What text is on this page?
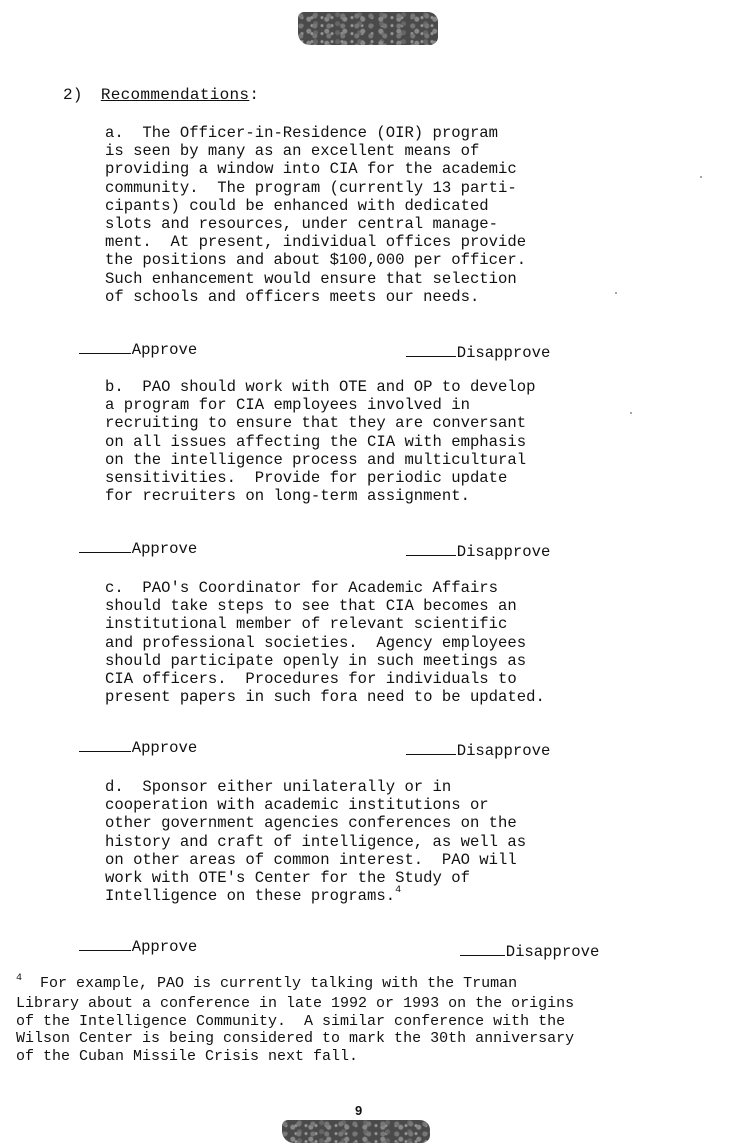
2) Recommendations:

a.  The Officer-in-Residence (OIR) program
is seen by many as an excellent means of
providing a window into CIA for the academic
community.  The program (currently 13 parti-
cipants) could be enhanced with dedicated
slots and resources, under central manage-
ment.  At present, individual offices provide
the positions and about $100,000 per officer.
Such enhancement would ensure that selection
of schools and officers meets our needs.

Approve	Disapprove

b.  PAO should work with OTE and OP to develop
a program for CIA employees involved in
recruiting to ensure that they are conversant
on all issues affecting the CIA with emphasis
on the intelligence process and multicultural
sensitivities.  Provide for periodic update
for recruiters on long-term assignment.

Approve	Disapprove

c.  PAO's Coordinator for Academic Affairs
should take steps to see that CIA becomes an
institutional member of relevant scientific
and professional societies.  Agency employees
should participate openly in such meetings as
CIA officers.  Procedures for individuals to
present papers in such fora need to be updated.

Approve	Disapprove

d.  Sponsor either unilaterally or in
cooperation with academic institutions or
other government agencies conferences on the
history and craft of intelligence, as well as
on other areas of common interest.  PAO will
work with OTE's Center for the Study of
Intelligence on these programs.$^4$

Approve	Disapprove

$^4$  For example, PAO is currently talking with the Truman
Library about a conference in late 1992 or 1993 on the origins
of the Intelligence Community.  A similar conference with the
Wilson Center is being considered to mark the 30th anniversary
of the Cuban Missile Crisis next fall.

9
